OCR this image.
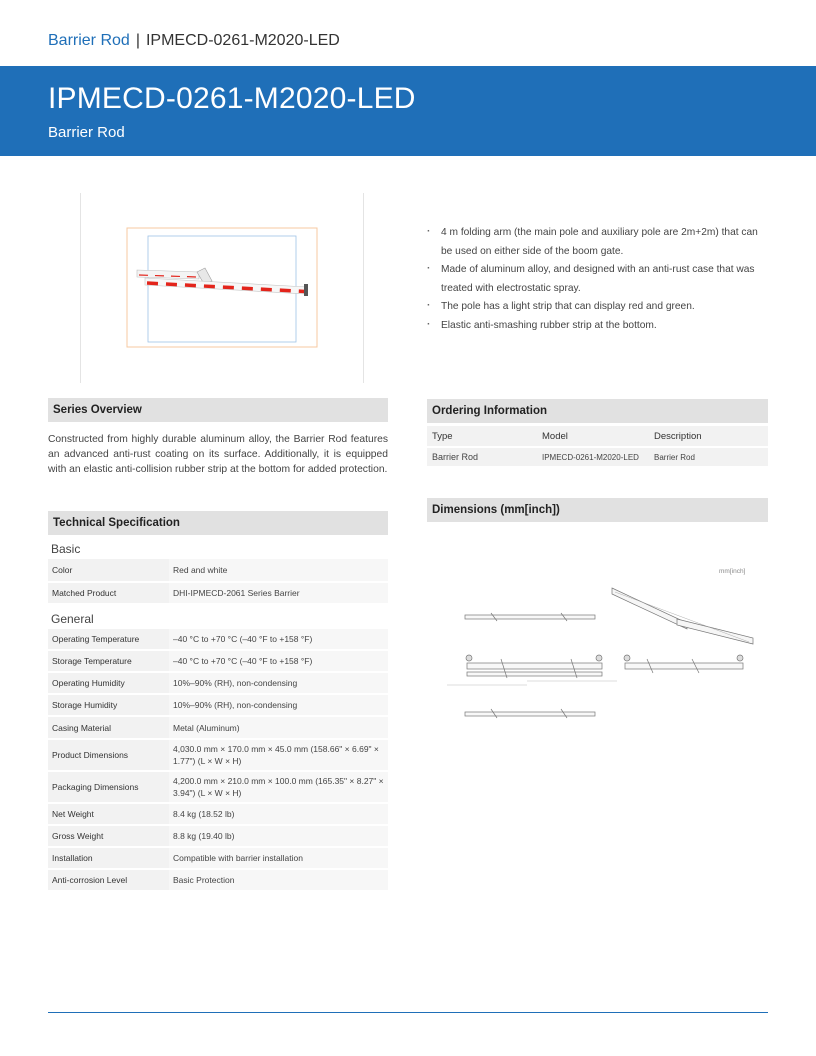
Barrier Rod | IPMECD-0261-M2020-LED
IPMECD-0261-M2020-LED
Barrier Rod
· 4 m folding arm (the main pole and auxiliary pole are 2m+2m) that can be used on either side of the boom gate.
· Made of aluminum alloy, and designed with an anti-rust case that was treated with electrostatic spray.
· The pole has a light strip that can display red and green.
· Elastic anti-smashing rubber strip at the bottom.
Series Overview
Constructed from highly durable aluminum alloy, the Barrier Rod features an advanced anti-rust coating on its surface. Additionally, it is equipped with an elastic anti-collision rubber strip at the bottom for added protection.
Technical Specification
Basic
Color	Red and white
Matched Product	DHI-IPMECD-2061 Series Barrier
General
Operating Temperature	–40 °C to +70 °C (–40 °F to +158 °F)
Storage Temperature	–40 °C to +70 °C (–40 °F to +158 °F)
Operating Humidity	10%–90% (RH), non-condensing
Storage Humidity	10%–90% (RH), non-condensing
Casing Material	Metal (Aluminum)
Product Dimensions	4,030.0 mm × 170.0 mm × 45.0 mm (158.66" × 6.69" × 1.77") (L × W × H)
Packaging Dimensions	4,200.0 mm × 210.0 mm × 100.0 mm (165.35" × 8.27" × 3.94") (L × W × H)
Net Weight	8.4 kg (18.52 lb)
Gross Weight	8.8 kg (19.40 lb)
Installation	Compatible with barrier installation
Anti-corrosion Level	Basic Protection
Ordering Information
Type	Model	Description
Barrier Rod	IPMECD-0261-M2020-LED	Barrier Rod
Dimensions (mm[inch])
mm[inch]
